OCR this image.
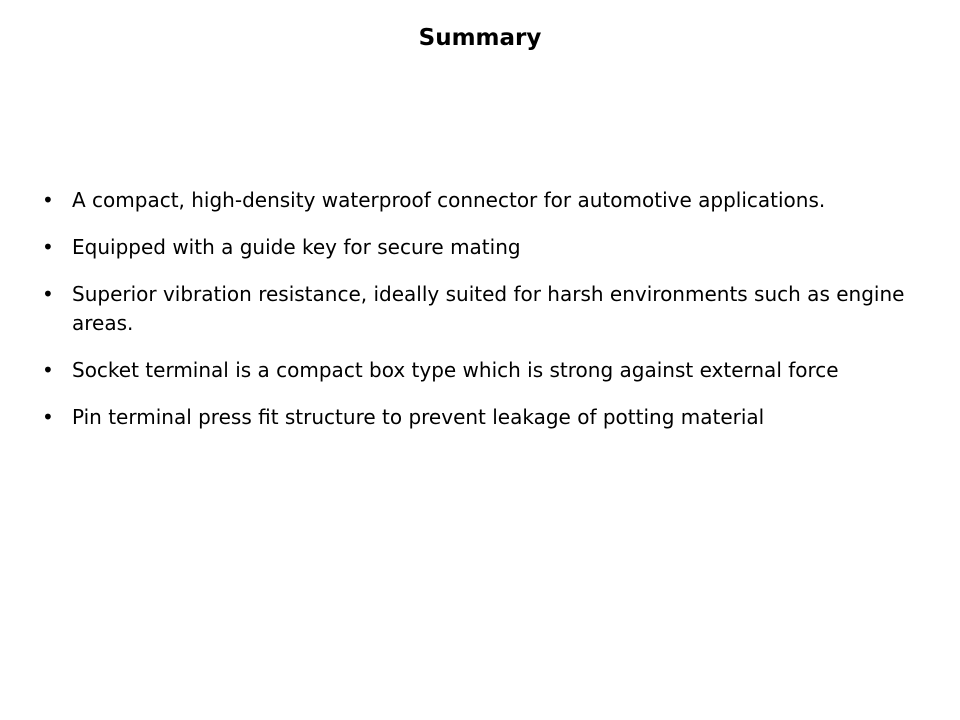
Summary
• A compact, high-density waterproof connector for automotive applications.
• Equipped with a guide key for secure mating
• Superior vibration resistance, ideally suited for harsh environments such as engine areas.
• Socket terminal is a compact box type which is strong against external force
• Pin terminal press fit structure to prevent leakage of potting material
